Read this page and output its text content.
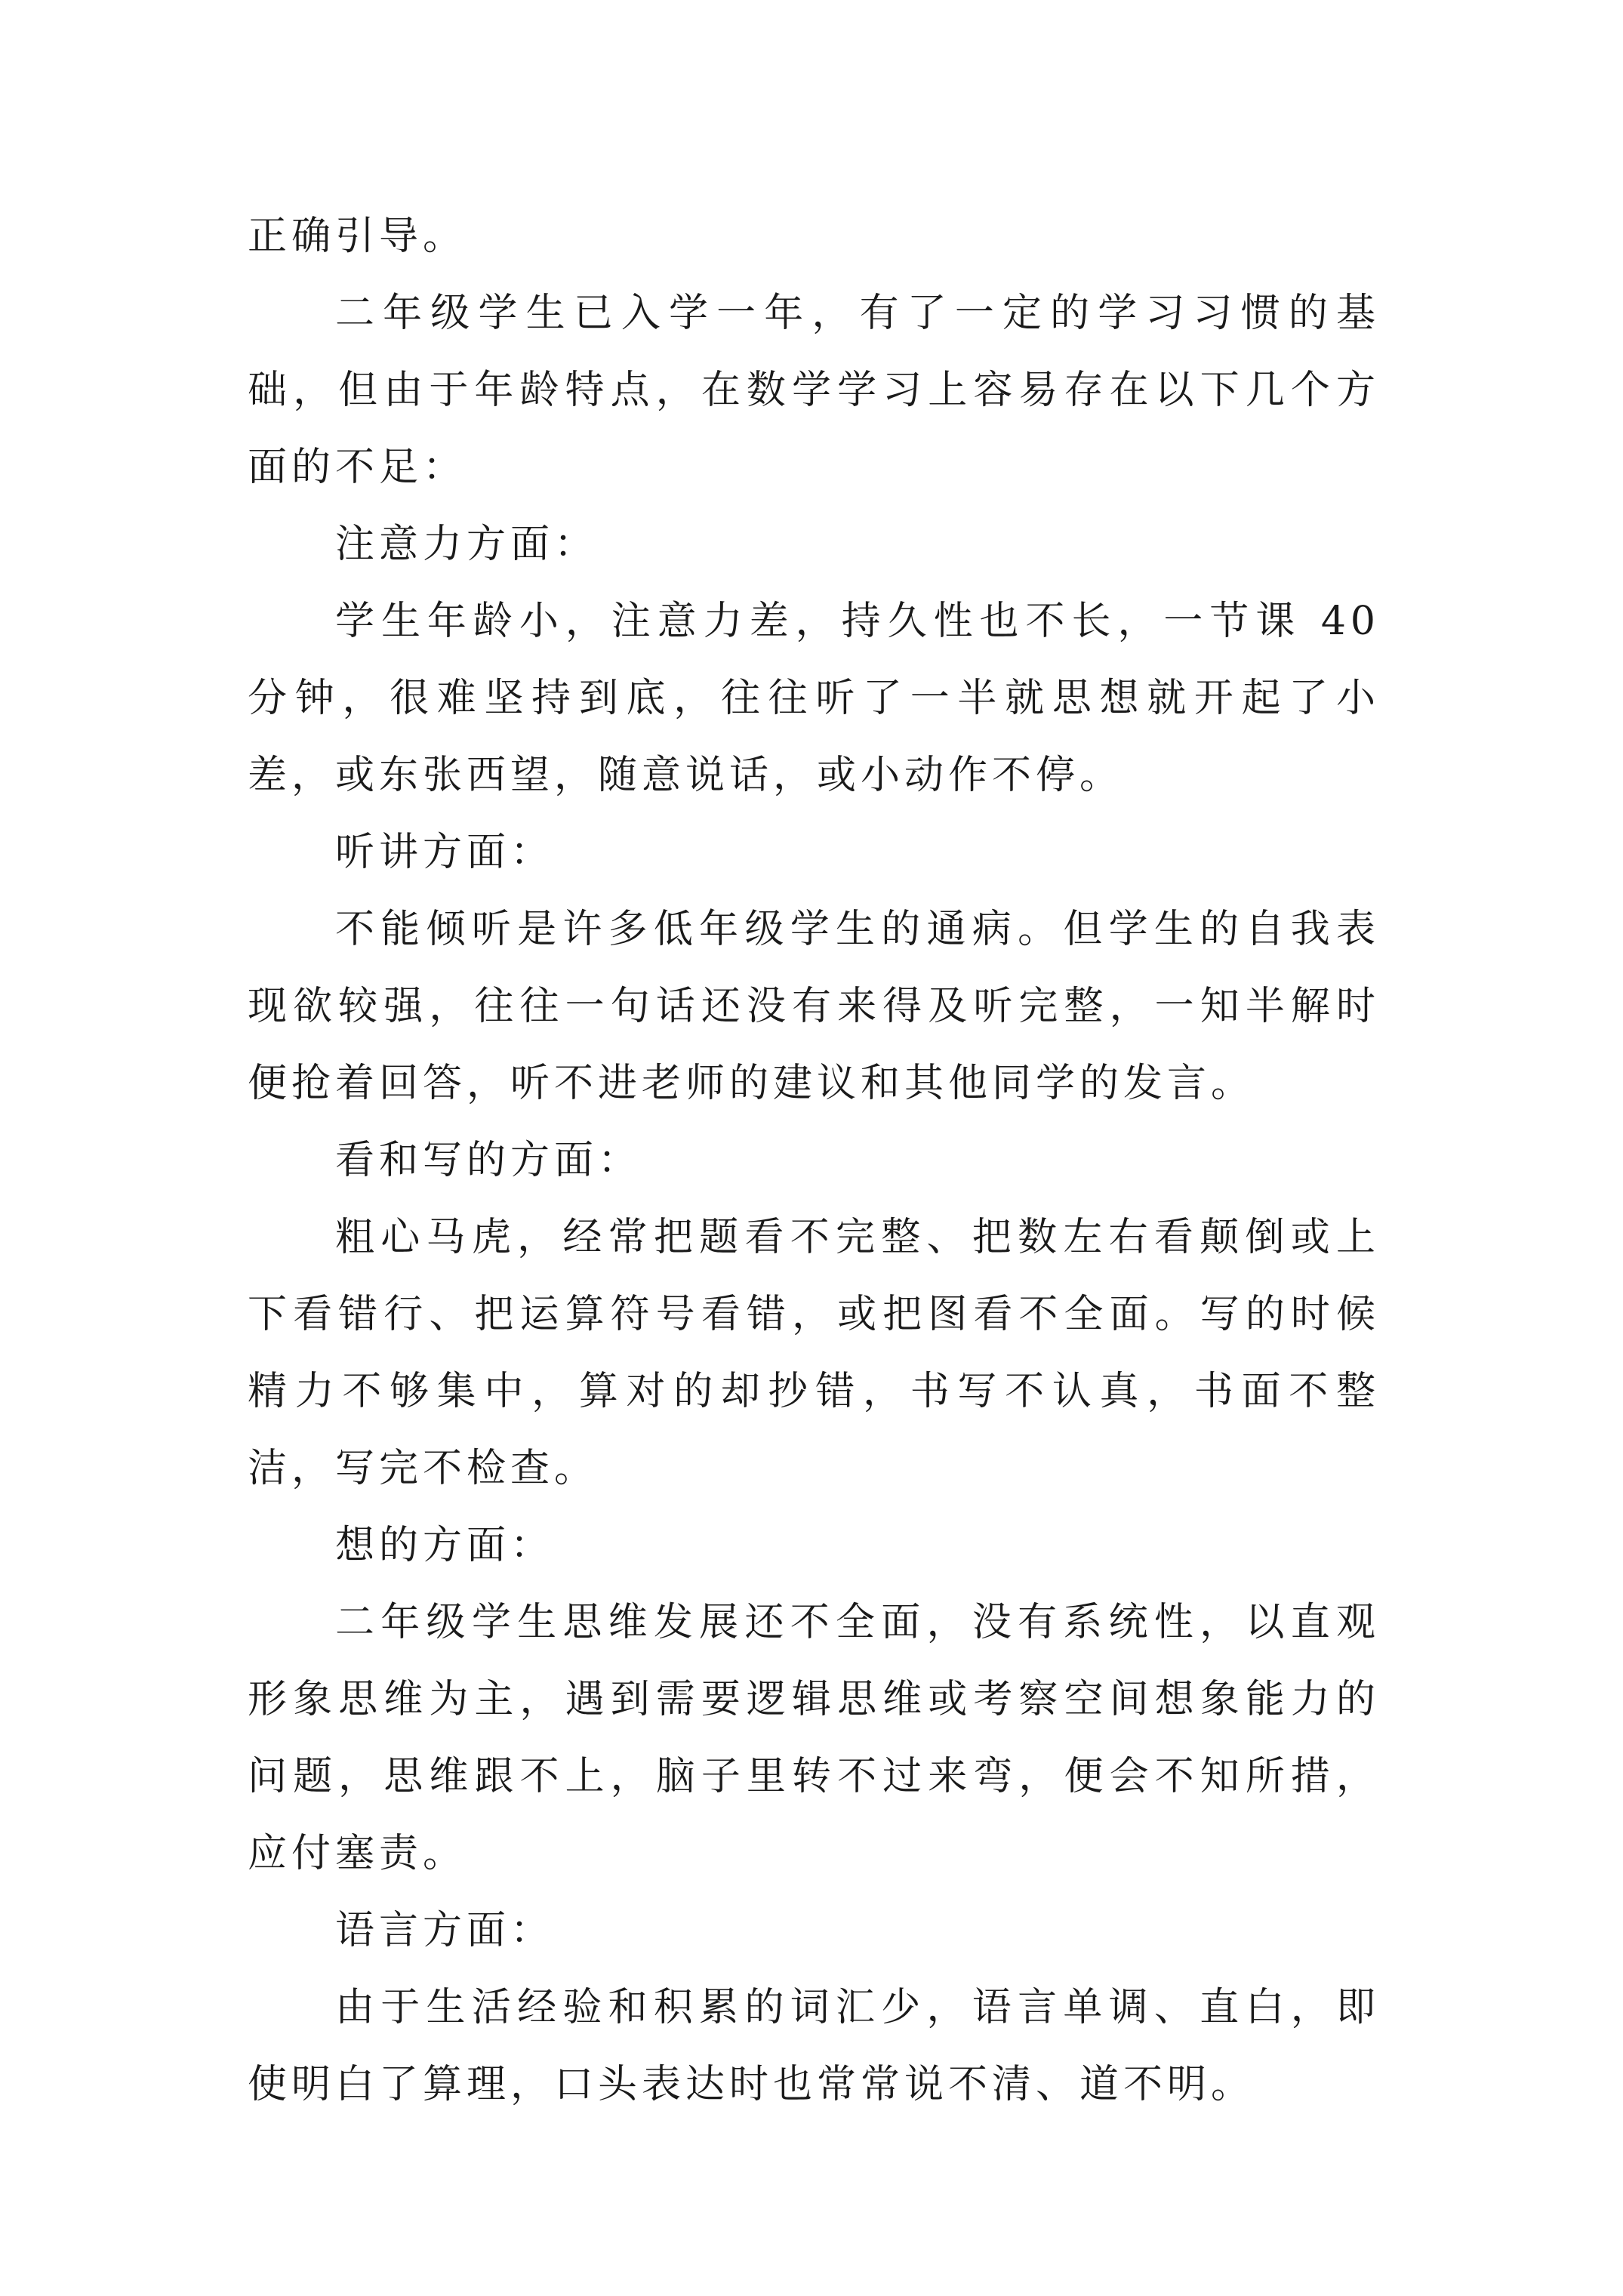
正确引导。

二年级学生已入学一年，有了一定的学习习惯的基础，但由于年龄特点，在数学学习上容易存在以下几个方面的不足：

注意力方面：

学生年龄小，注意力差，持久性也不长，一节课 40 分钟，很难坚持到底，往往听了一半就思想就开起了小差，或东张西望，随意说话，或小动作不停。

听讲方面：

不能倾听是许多低年级学生的通病。但学生的自我表现欲较强，往往一句话还没有来得及听完整，一知半解时便抢着回答，听不进老师的建议和其他同学的发言。

看和写的方面：

粗心马虎，经常把题看不完整、把数左右看颠倒或上下看错行、把运算符号看错，或把图看不全面。写的时候精力不够集中，算对的却抄错，书写不认真，书面不整洁，写完不检查。

想的方面：

二年级学生思维发展还不全面，没有系统性，以直观形象思维为主，遇到需要逻辑思维或考察空间想象能力的问题，思维跟不上，脑子里转不过来弯，便会不知所措，应付塞责。

语言方面：

由于生活经验和积累的词汇少，语言单调、直白，即使明白了算理，口头表达时也常常说不清、道不明。
